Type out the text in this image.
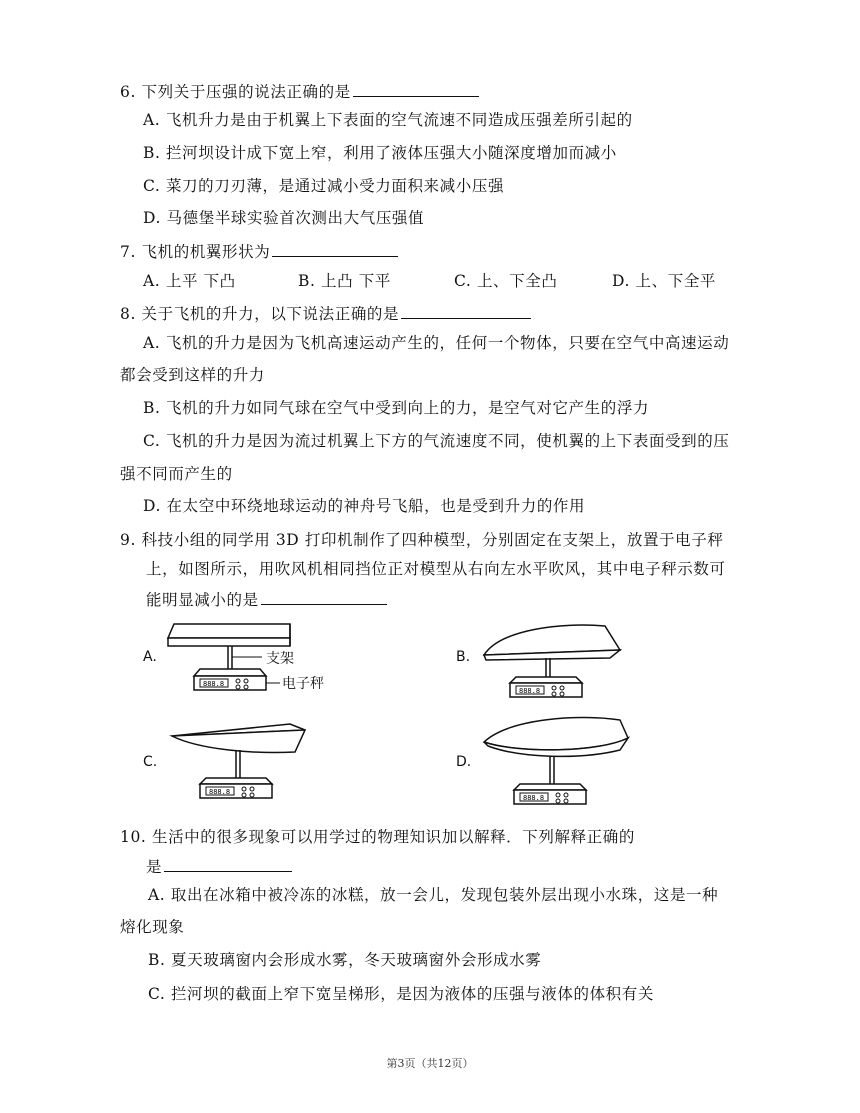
6. 下列关于压强的说法正确的是
A. 飞机升力是由于机翼上下表面的空气流速不同造成压强差所引起的
B. 拦河坝设计成下宽上窄，利用了液体压强大小随深度增加而减小
C. 菜刀的刀刃薄，是通过减小受力面积来减小压强
D. 马德堡半球实验首次测出大气压强值
7. 飞机的机翼形状为
A. 上平 下凸	B. 上凸 下平	C. 上、下全凸	D. 上、下全平
8. 关于飞机的升力，以下说法正确的是
A. 飞机的升力是因为飞机高速运动产生的，任何一个物体，只要在空气中高速运动
都会受到这样的升力
B. 飞机的升力如同气球在空气中受到向上的力，是空气对它产生的浮力
C. 飞机的升力是因为流过机翼上下方的气流速度不同，使机翼的上下表面受到的压
强不同而产生的
D. 在太空中环绕地球运动的神舟号飞船，也是受到升力的作用
9. 科技小组的同学用 3D 打印机制作了四种模型，分别固定在支架上，放置于电子秤
上，如图所示，用吹风机相同挡位正对模型从右向左水平吹风，其中电子秤示数可
能明显减小的是
A.
888.8
支架
电子秤
B.
888.8
C.
888.8
D.
888.8
10. 生活中的很多现象可以用学过的物理知识加以解释．下列解释正确的
是
A. 取出在冰箱中被冷冻的冰糕，放一会儿，发现包装外层出现小水珠，这是一种
熔化现象
B. 夏天玻璃窗内会形成水雾，冬天玻璃窗外会形成水雾
C. 拦河坝的截面上窄下宽呈梯形，是因为液体的压强与液体的体积有关
第3页（共12页）
